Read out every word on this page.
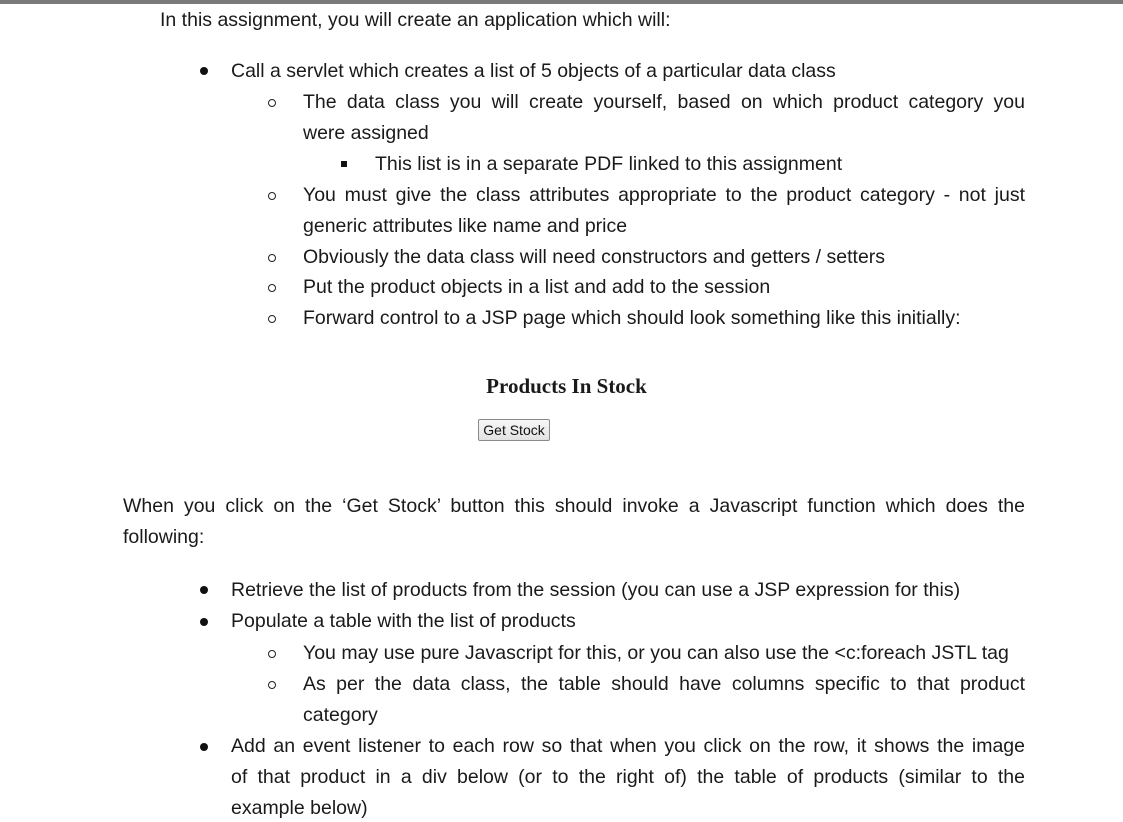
In this assignment, you will create an application which will:
Call a servlet which creates a list of 5 objects of a particular data class
The data class you will create yourself, based on which product category you
were assigned
This list is in a separate PDF linked to this assignment
You must give the class attributes appropriate to the product category - not just
generic attributes like name and price
Obviously the data class will need constructors and getters / setters
Put the product objects in a list and add to the session
Forward control to a JSP page which should look something like this initially:
Products In Stock
Get Stock
When you click on the ‘Get Stock’ button this should invoke a Javascript function which does the
following:
Retrieve the list of products from the session (you can use a JSP expression for this)
Populate a table with the list of products
You may use pure Javascript for this, or you can also use the <c:foreach JSTL tag
As per the data class, the table should have columns specific to that product
category
Add an event listener to each row so that when you click on the row, it shows the image
of that product in a div below (or to the right of) the table of products (similar to the
example below)
